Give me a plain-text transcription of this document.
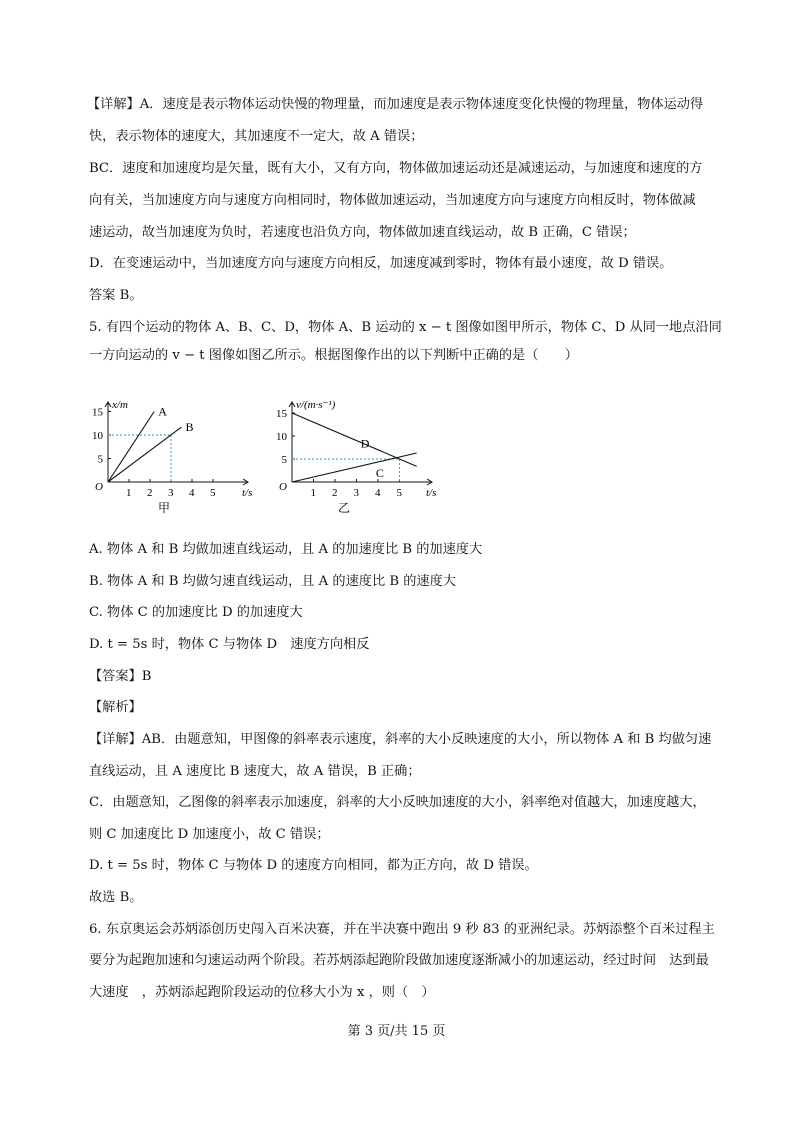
【详解】A．速度是表示物体运动快慢的物理量，而加速度是表示物体速度变化快慢的物理量，物体运动得
快，表示物体的速度大，其加速度不一定大，故 A 错误；
BC．速度和加速度均是矢量，既有大小，又有方向，物体做加速运动还是减速运动，与加速度和速度的方
向有关，当加速度方向与速度方向相同时，物体做加速运动，当加速度方向与速度方向相反时，物体做减
速运动，故当加速度为负时，若速度也沿负方向，物体做加速直线运动，故 B 正确，C 错误；
D．在变速运动中，当加速度方向与速度方向相反，加速度减到零时，物体有最小速度，故 D 错误。
答案 B。
5. 有四个运动的物体 A、B、C、D，物体 A、B 运动的 x − t 图像如图甲所示，物体 C、D 从同一地点沿同
一方向运动的 v − t 图像如图乙所示。根据图像作出的以下判断中正确的是（　　）
x/m
t/s
O
甲
1 2 3 4 5
5
10
15	A
B
v/(m·s⁻¹)
t/s
O
乙
1 2 3 4 5
5
10
15
D
C
A. 物体 A 和 B 均做加速直线运动，且 A 的加速度比 B 的加速度大
B. 物体 A 和 B 均做匀速直线运动，且 A 的速度比 B 的速度大
C. 物体 C 的加速度比 D 的加速度大
D. t = 5s 时，物体 C 与物体 D　速度方向相反
【答案】B
【解析】
【详解】AB．由题意知，甲图像的斜率表示速度，斜率的大小反映速度的大小，所以物体 A 和 B 均做匀速
直线运动，且 A 速度比 B 速度大，故 A 错误，B 正确；
C．由题意知，乙图像的斜率表示加速度，斜率的大小反映加速度的大小，斜率绝对值越大，加速度越大，
则 C 加速度比 D 加速度小，故 C 错误；
D. t = 5s 时，物体 C 与物体 D 的速度方向相同，都为正方向，故 D 错误。
故选 B。
6. 东京奥运会苏炳添创历史闯入百米决赛，并在半决赛中跑出 9 秒 83 的亚洲纪录。苏炳添整个百米过程主
要分为起跑加速和匀速运动两个阶段。若苏炳添起跑阶段做加速度逐渐减小的加速运动，经过时间　达到最
大速度　，苏炳添起跑阶段运动的位移大小为 x ，则（　）
第 3 页/共 15 页
